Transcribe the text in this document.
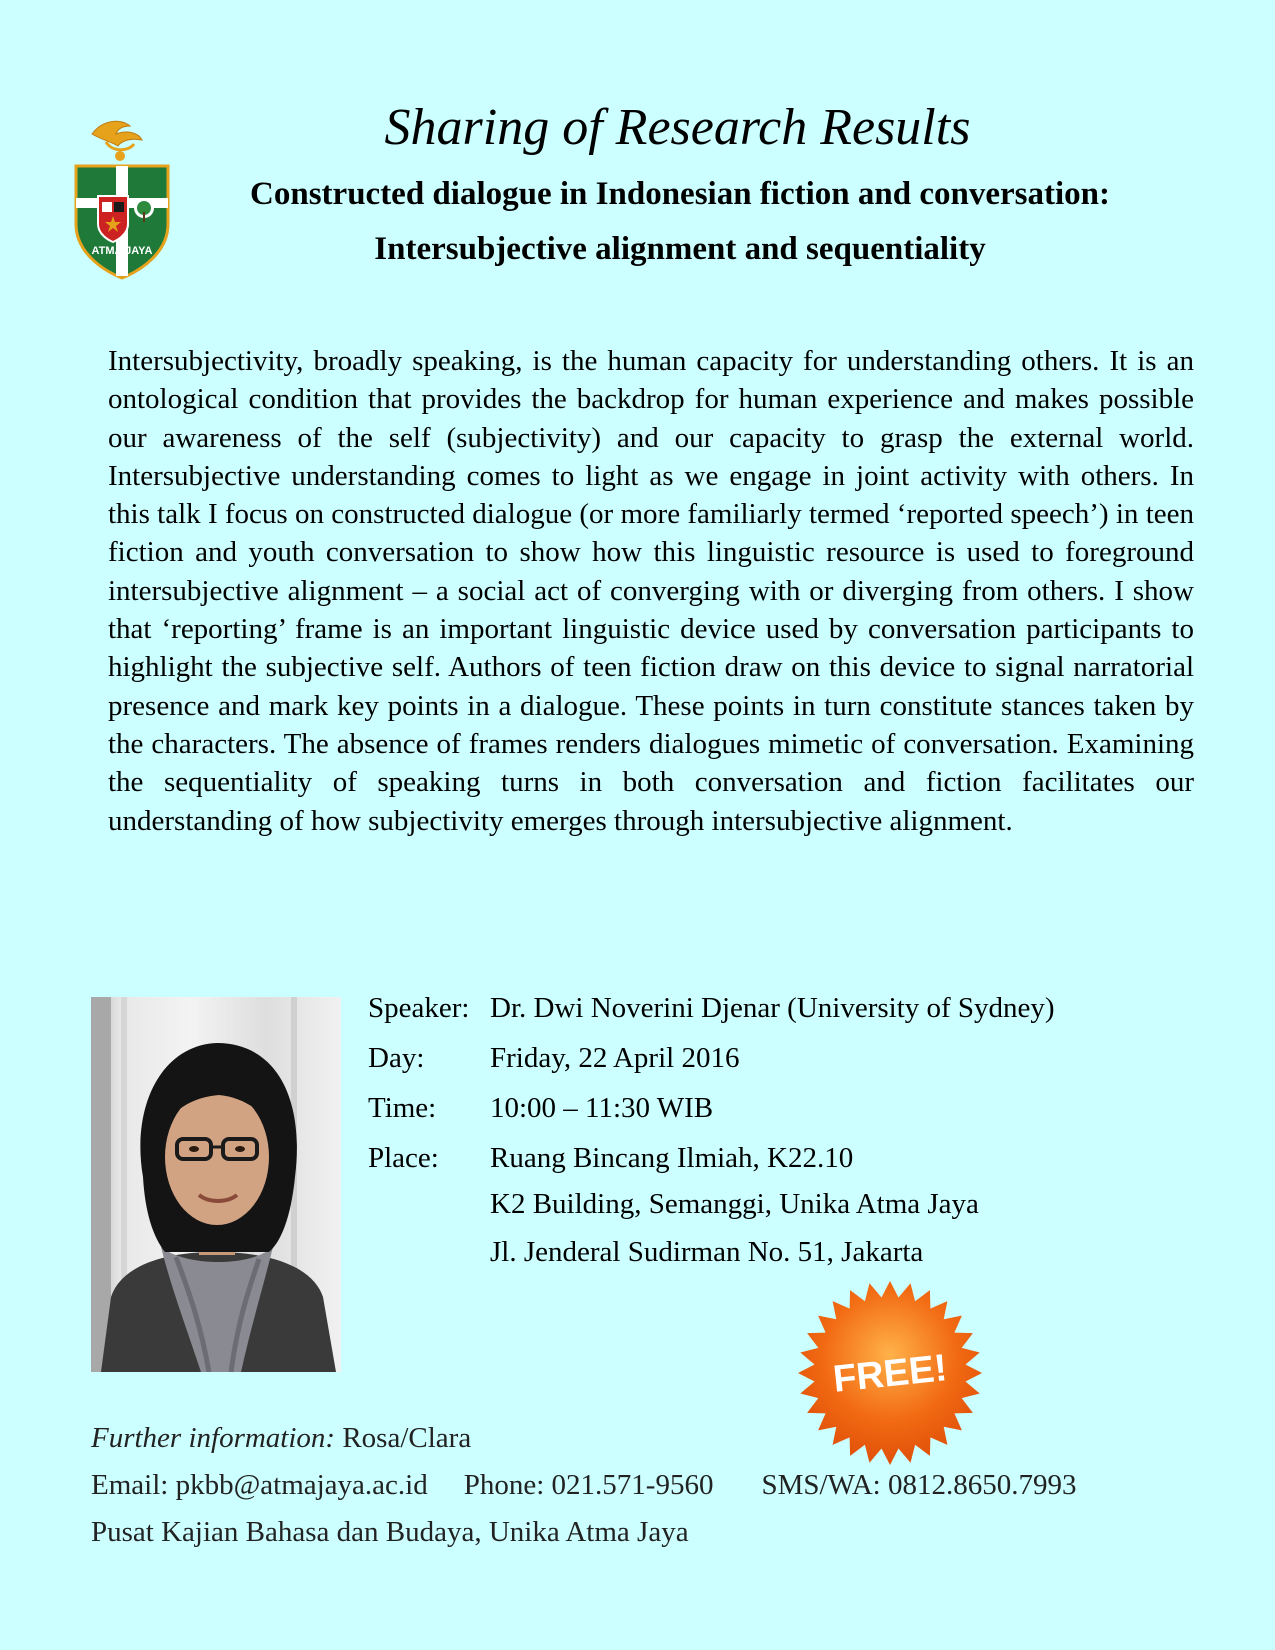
ATMA JAYA
Sharing of Research Results
Constructed dialogue in Indonesian fiction and conversation:
Intersubjective alignment and sequentiality

Intersubjectivity, broadly speaking, is the human capacity for understanding others. It is an ontological condition that provides the backdrop for human experience and makes possible our awareness of the self (subjectivity) and our capacity to grasp the external world. Intersubjective understanding comes to light as we engage in joint activity with others. In this talk I focus on constructed dialogue (or more familiarly termed ‘reported speech’) in teen fiction and youth conversation to show how this linguistic resource is used to foreground intersubjective alignment – a social act of converging with or diverging from others. I show that ‘reporting’ frame is an important linguistic device used by conversation participants to highlight the subjective self. Authors of teen fiction draw on this device to signal narratorial presence and mark key points in a dialogue. These points in turn constitute stances taken by the characters. The absence of frames renders dialogues mimetic of conversation. Examining the sequentiality of speaking turns in both conversation and fiction facilitates our understanding of how subjectivity emerges through intersubjective alignment.

Speaker: Dr. Dwi Noverini Djenar (University of Sydney)
Day: Friday, 22 April 2016
Time: 10:00 – 11:30 WIB
Place: Ruang Bincang Ilmiah, K22.10
K2 Building, Semanggi, Unika Atma Jaya
Jl. Jenderal Sudirman No. 51, Jakarta
FREE!
Further information: Rosa/Clara
Email: pkbb@atmajaya.ac.id Phone: 021.571-9560 SMS/WA: 0812.8650.7993
Pusat Kajian Bahasa dan Budaya, Unika Atma Jaya
